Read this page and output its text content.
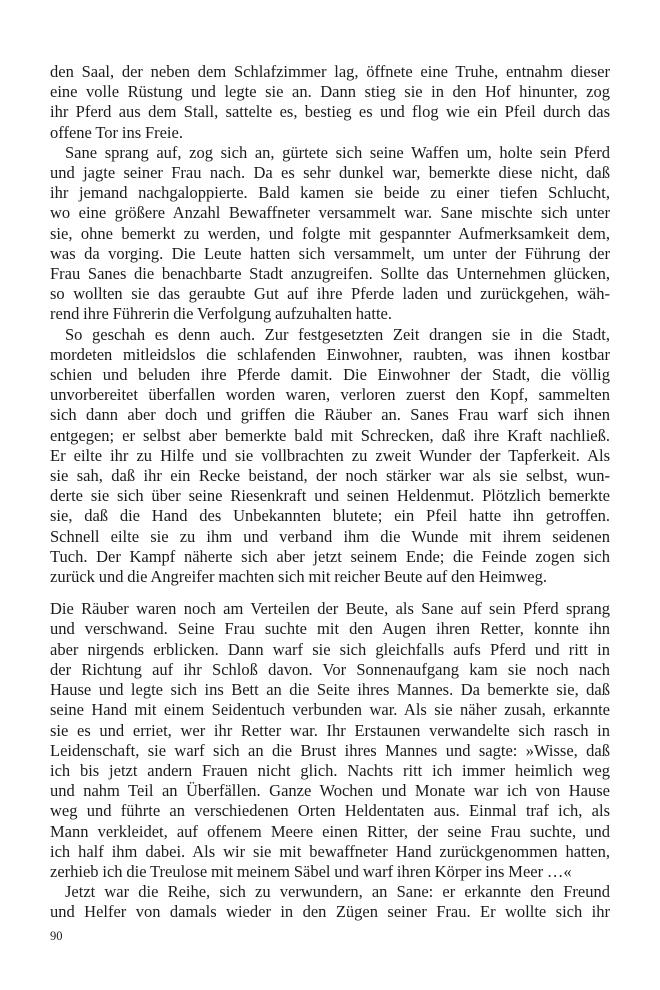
den Saal, der neben dem Schlafzimmer lag, öffnete eine Truhe, entnahm dieser
eine volle Rüstung und legte sie an. Dann stieg sie in den Hof hinunter, zog
ihr Pferd aus dem Stall, sattelte es, bestieg es und flog wie ein Pfeil durch das
offene Tor ins Freie.
Sane sprang auf, zog sich an, gürtete sich seine Waffen um, holte sein Pferd
und jagte seiner Frau nach. Da es sehr dunkel war, bemerkte diese nicht, daß
ihr jemand nachgaloppierte. Bald kamen sie beide zu einer tiefen Schlucht,
wo eine größere Anzahl Bewaffneter versammelt war. Sane mischte sich unter
sie, ohne bemerkt zu werden, und folgte mit gespannter Aufmerksamkeit dem,
was da vorging. Die Leute hatten sich versammelt, um unter der Führung der
Frau Sanes die benachbarte Stadt anzugreifen. Sollte das Unternehmen glücken,
so wollten sie das geraubte Gut auf ihre Pferde laden und zurückgehen, wäh-
rend ihre Führerin die Verfolgung aufzuhalten hatte.
So geschah es denn auch. Zur festgesetzten Zeit drangen sie in die Stadt,
mordeten mitleidslos die schlafenden Einwohner, raubten, was ihnen kostbar
schien und beluden ihre Pferde damit. Die Einwohner der Stadt, die völlig
unvorbereitet überfallen worden waren, verloren zuerst den Kopf, sammelten
sich dann aber doch und griffen die Räuber an. Sanes Frau warf sich ihnen
entgegen; er selbst aber bemerkte bald mit Schrecken, daß ihre Kraft nachließ.
Er eilte ihr zu Hilfe und sie vollbrachten zu zweit Wunder der Tapferkeit. Als
sie sah, daß ihr ein Recke beistand, der noch stärker war als sie selbst, wun-
derte sie sich über seine Riesenkraft und seinen Heldenmut. Plötzlich bemerkte
sie, daß die Hand des Unbekannten blutete; ein Pfeil hatte ihn getroffen.
Schnell eilte sie zu ihm und verband ihm die Wunde mit ihrem seidenen
Tuch. Der Kampf näherte sich aber jetzt seinem Ende; die Feinde zogen sich
zurück und die Angreifer machten sich mit reicher Beute auf den Heimweg.
Die Räuber waren noch am Verteilen der Beute, als Sane auf sein Pferd sprang
und verschwand. Seine Frau suchte mit den Augen ihren Retter, konnte ihn
aber nirgends erblicken. Dann warf sie sich gleichfalls aufs Pferd und ritt in
der Richtung auf ihr Schloß davon. Vor Sonnenaufgang kam sie noch nach
Hause und legte sich ins Bett an die Seite ihres Mannes. Da bemerkte sie, daß
seine Hand mit einem Seidentuch verbunden war. Als sie näher zusah, erkannte
sie es und erriet, wer ihr Retter war. Ihr Erstaunen verwandelte sich rasch in
Leidenschaft, sie warf sich an die Brust ihres Mannes und sagte: »Wisse, daß
ich bis jetzt andern Frauen nicht glich. Nachts ritt ich immer heimlich weg
und nahm Teil an Überfällen. Ganze Wochen und Monate war ich von Hause
weg und führte an verschiedenen Orten Heldentaten aus. Einmal traf ich, als
Mann verkleidet, auf offenem Meere einen Ritter, der seine Frau suchte, und
ich half ihm dabei. Als wir sie mit bewaffneter Hand zurückgenommen hatten,
zerhieb ich die Treulose mit meinem Säbel und warf ihren Körper ins Meer …«
Jetzt war die Reihe, sich zu verwundern, an Sane: er erkannte den Freund
und Helfer von damals wieder in den Zügen seiner Frau. Er wollte sich ihr
90
